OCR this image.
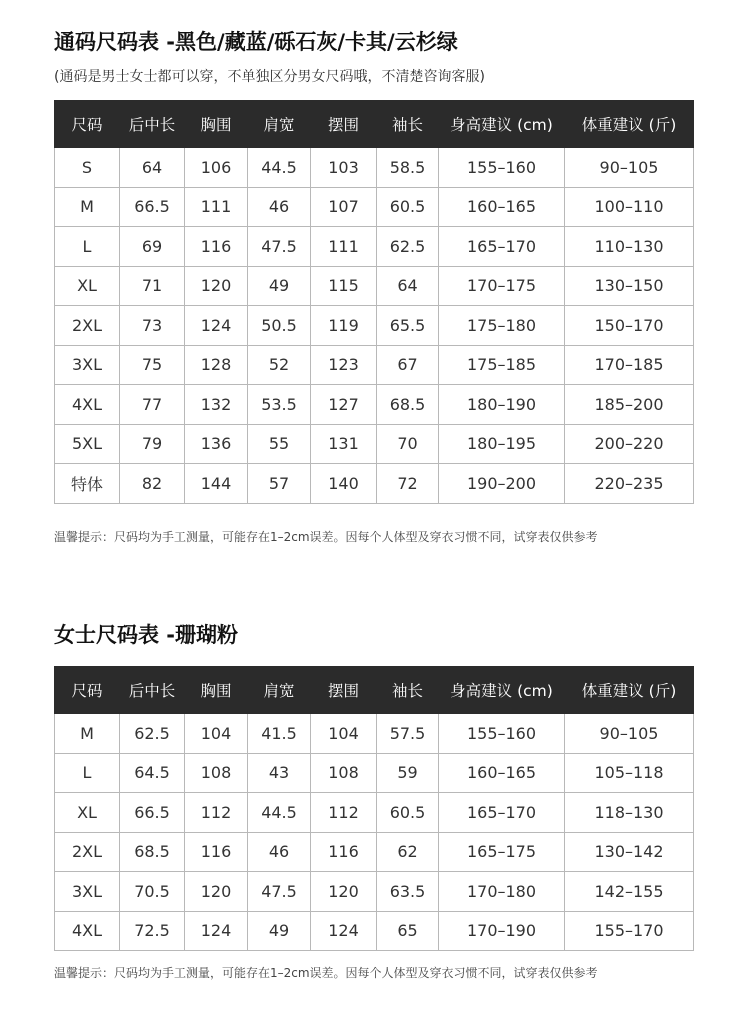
通码尺码表 -黑色/藏蓝/砾石灰/卡其/云杉绿

(通码是男士女士都可以穿，不单独区分男女尺码哦，不清楚咨询客服)

尺码	后中长	胸围	肩宽	摆围	袖长	身高建议 (cm)	体重建议 (斤)
S	64	106	44.5	103	58.5	155–160	90–105
M	66.5	111	46	107	60.5	160–165	100–110
L	69	116	47.5	111	62.5	165–170	110–130
XL	71	120	49	115	64	170–175	130–150
2XL	73	124	50.5	119	65.5	175–180	150–170
3XL	75	128	52	123	67	175–185	170–185
4XL	77	132	53.5	127	68.5	180–190	185–200
5XL	79	136	55	131	70	180–195	200–220
特体	82	144	57	140	72	190–200	220–235

温馨提示：尺码均为手工测量，可能存在1–2cm误差。因每个人体型及穿衣习惯不同，试穿表仅供参考

女士尺码表 -珊瑚粉
尺码	后中长	胸围	肩宽	摆围	袖长	身高建议 (cm)	体重建议 (斤)
M	62.5	104	41.5	104	57.5	155–160	90–105
L	64.5	108	43	108	59	160–165	105–118
XL	66.5	112	44.5	112	60.5	165–170	118–130
2XL	68.5	116	46	116	62	165–175	130–142
3XL	70.5	120	47.5	120	63.5	170–180	142–155
4XL	72.5	124	49	124	65	170–190	155–170

温馨提示：尺码均为手工测量，可能存在1–2cm误差。因每个人体型及穿衣习惯不同，试穿表仅供参考
